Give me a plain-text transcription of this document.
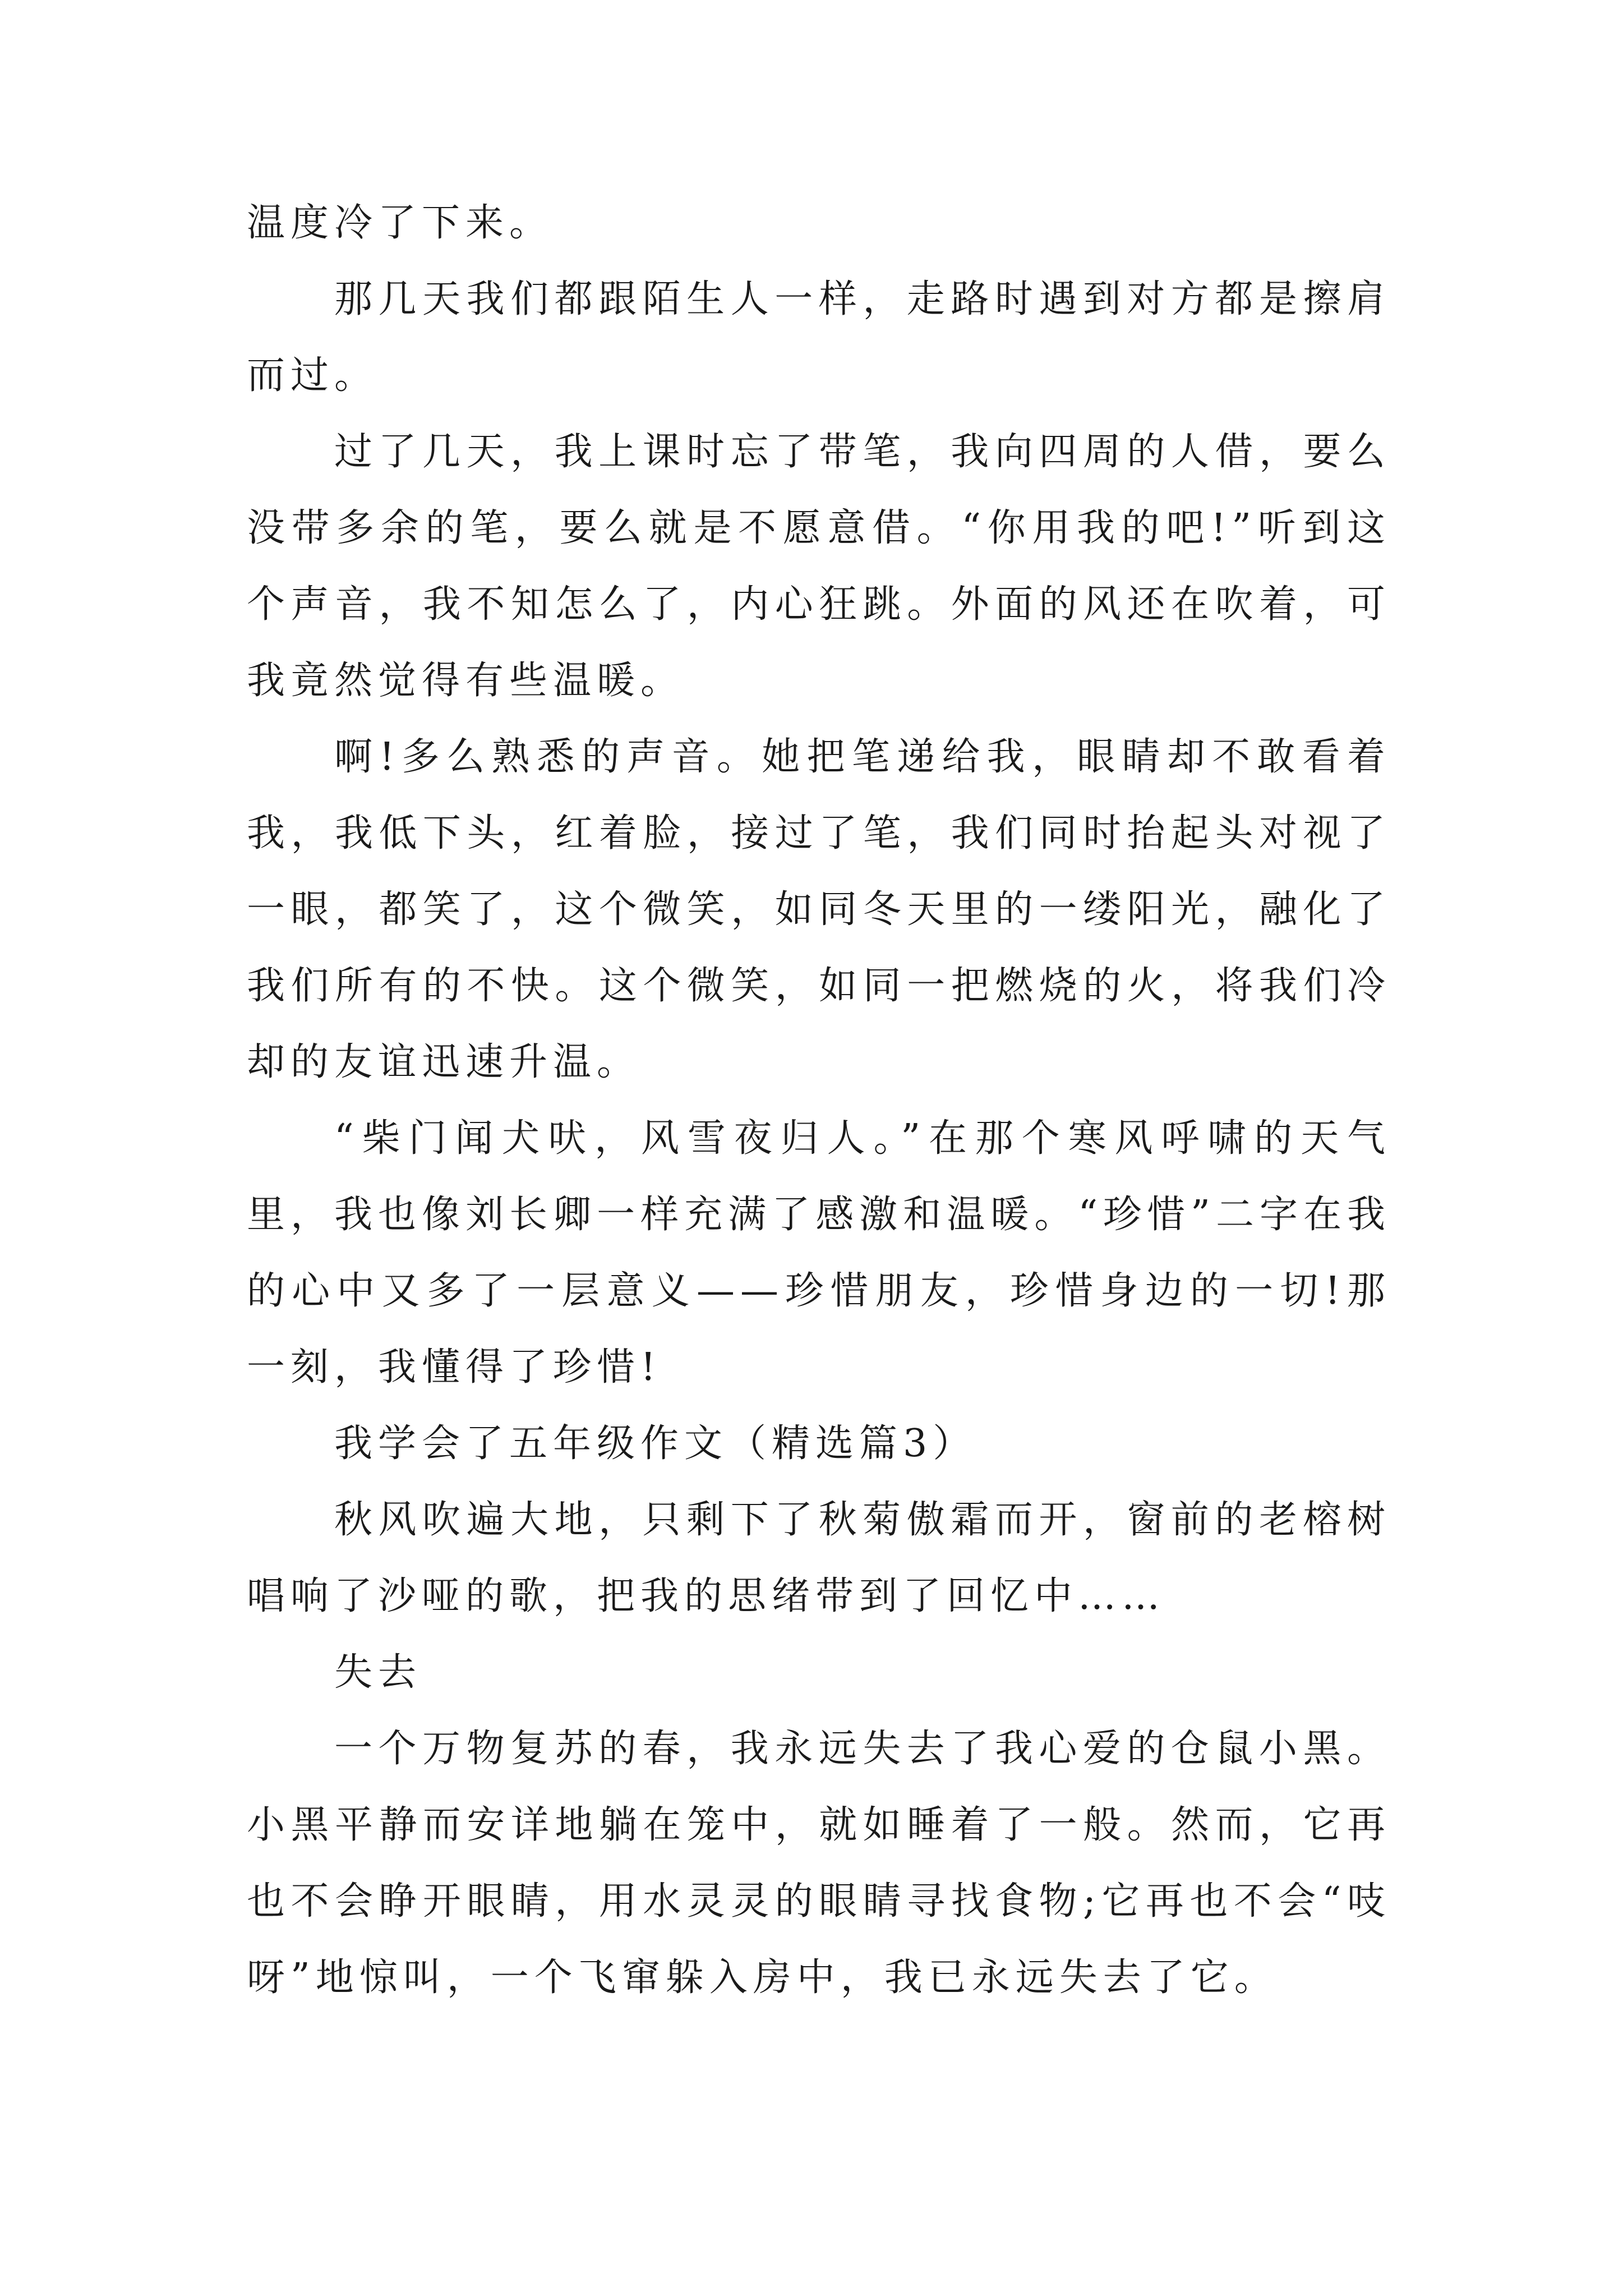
温度冷了下来。

那几天我们都跟陌生人一样，走路时遇到对方都是擦肩而过。

过了几天，我上课时忘了带笔，我向四周的人借，要么没带多余的笔，要么就是不愿意借。“你用我的吧!”听到这个声音，我不知怎么了，内心狂跳。外面的风还在吹着，可我竟然觉得有些温暖。

啊!多么熟悉的声音。她把笔递给我，眼睛却不敢看着我，我低下头，红着脸，接过了笔，我们同时抬起头对视了一眼，都笑了，这个微笑，如同冬天里的一缕阳光，融化了我们所有的不快。这个微笑，如同一把燃烧的火，将我们冷却的友谊迅速升温。

“柴门闻犬吠，风雪夜归人。”在那个寒风呼啸的天气里，我也像刘长卿一样充满了感激和温暖。“珍惜”二字在我的心中又多了一层意义——珍惜朋友，珍惜身边的一切!那一刻，我懂得了珍惜!

我学会了五年级作文（精选篇3）

秋风吹遍大地，只剩下了秋菊傲霜而开，窗前的老榕树唱响了沙哑的歌，把我的思绪带到了回忆中……

失去

一个万物复苏的春，我永远失去了我心爱的仓鼠小黑。小黑平静而安详地躺在笼中，就如睡着了一般。然而，它再也不会睁开眼睛，用水灵灵的眼睛寻找食物;它再也不会“吱呀”地惊叫，一个飞窜躲入房中，我已永远失去了它。
